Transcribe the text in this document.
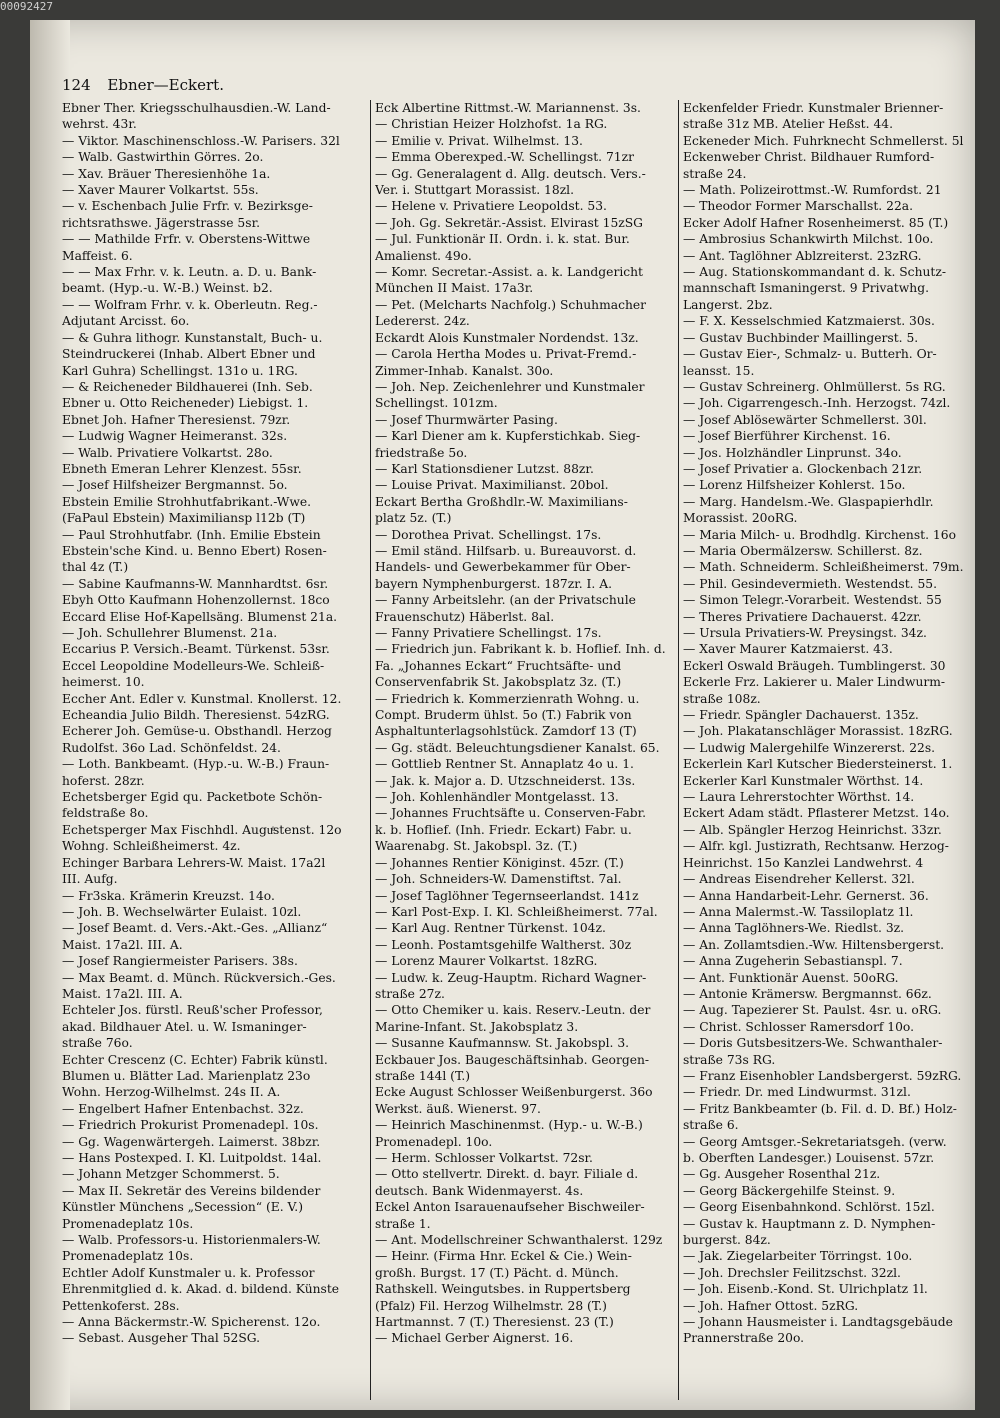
00092427
124 Ebner—Eckert.
Ebner Ther. Kriegsschulhausdien.-W. Land-
wehrst. 43r.
— Viktor. Maschinenschloss.-W. Parisers. 32l
— Walb. Gastwirthin Görres. 2o.
— Xav. Bräuer Theresienhöhe 1a.
— Xaver Maurer Volkartst. 55s.
— v. Eschenbach Julie Frfr. v. Bezirksge-
richtsrathswe. Jägerstrasse 5sr.
— — Mathilde Frfr. v. Oberstens-Wittwe
Maffeist. 6.
— — Max Frhr. v. k. Leutn. a. D. u. Bank-
beamt. (Hyp.-u. W.-B.) Weinst. b2.
— — Wolfram Frhr. v. k. Oberleutn. Reg.-
Adjutant Arcisst. 6o.
— & Guhra lithogr. Kunstanstalt, Buch- u.
Steindruckerei (Inhab. Albert Ebner und
Karl Guhra) Schellingst. 131o u. 1RG.
— & Reicheneder Bildhauerei (Inh. Seb.
Ebner u. Otto Reicheneder) Liebigst. 1.
Ebnet Joh. Hafner Theresienst. 79zr.
— Ludwig Wagner Heimeranst. 32s.
— Walb. Privatiere Volkartst. 28o.
Ebneth Emeran Lehrer Klenzest. 55sr.
— Josef Hilfsheizer Bergmannst. 5o.
Ebstein Emilie Strohhutfabrikant.-Wwe.
(FaPaul Ebstein) Maximiliansp l12b (T)
— Paul Strohhutfabr. (Inh. Emilie Ebstein
Ebstein'sche Kind. u. Benno Ebert) Rosen-
thal 4z (T.)
— Sabine Kaufmanns-W. Mannhardtst. 6sr.
Ebyh Otto Kaufmann Hohenzollernst. 18co
Eccard Elise Hof-Kapellsäng. Blumenst 21a.
— Joh. Schullehrer Blumenst. 21a.
Eccarius P. Versich.-Beamt. Türkenst. 53sr.
Eccel Leopoldine Modelleurs-We. Schleiß-
heimerst. 10.
Eccher Ant. Edler v. Kunstmal. Knollerst. 12.
Echeandia Julio Bildh. Theresienst. 54zRG.
Echerer Joh. Gemüse-u. Obsthandl. Herzog
Rudolfst. 36o Lad. Schönfeldst. 24.
— Loth. Bankbeamt. (Hyp.-u. W.-B.) Fraun-
hoferst. 28zr.
Echetsberger Egid qu. Packetbote Schön-
feldstraße 8o.
Echetsperger Max Fischhdl. Auguͤstenst. 12o
Wohng. Schleißheimerst. 4z.
Echinger Barbara Lehrers-W. Maist. 17a2l
III. Aufg.
— Fr3ska. Krämerin Kreuzst. 14o.
— Joh. B. Wechselwärter Eulaist. 10zl.
— Josef Beamt. d. Vers.-Akt.-Ges. „Allianz“
Maist. 17a2l. III. A.
— Josef Rangiermeister Parisers. 38s.
— Max Beamt. d. Münch. Rückversich.-Ges.
Maist. 17a2l. III. A.
Echteler Jos. fürstl. Reuß'scher Professor,
akad. Bildhauer Atel. u. W. Ismaninger-
straße 76o.
Echter Crescenz (C. Echter) Fabrik künstl.
Blumen u. Blätter Lad. Marienplatz 23o
Wohn. Herzog-Wilhelmst. 24s II. A.
— Engelbert Hafner Entenbachst. 32z.
— Friedrich Prokurist Promenadepl. 10s.
— Gg. Wagenwärtergeh. Laimerst. 38bzr.
— Hans Postexped. I. Kl. Luitpoldst. 14al.
— Johann Metzger Schommerst. 5.
— Max II. Sekretär des Vereins bildender
Künstler Münchens „Secession“ (E. V.)
Promenadeplatz 10s.
— Walb. Professors-u. Historienmalers-W.
Promenadeplatz 10s.
Echtler Adolf Kunstmaler u. k. Professor
Ehrenmitglied d. k. Akad. d. bildend. Künste
Pettenkoferst. 28s.
— Anna Bäckermstr.-W. Spicherenst. 12o.
— Sebast. Ausgeher Thal 52SG.
Eck Albertine Rittmst.-W. Mariannenst. 3s.
— Christian Heizer Holzhofst. 1a RG.
— Emilie v. Privat. Wilhelmst. 13.
— Emma Oberexped.-W. Schellingst. 71zr
— Gg. Generalagent d. Allg. deutsch. Vers.-
Ver. i. Stuttgart Morassist. 18zl.
— Helene v. Privatiere Leopoldst. 53.
— Joh. Gg. Sekretär.-Assist. Elvirast 15zSG
— Jul. Funktionär II. Ordn. i. k. stat. Bur.
Amalienst. 49o.
— Komr. Secretar.-Assist. a. k. Landgericht
München II Maist. 17a3r.
— Pet. (Melcharts Nachfolg.) Schuhmacher
Ledererst. 24z.
Eckardt Alois Kunstmaler Nordendst. 13z.
— Carola Hertha Modes u. Privat-Fremd.-
Zimmer-Inhab. Kanalst. 30o.
— Joh. Nep. Zeichenlehrer und Kunstmaler
Schellingst. 101zm.
— Josef Thurmwärter Pasing.
— Karl Diener am k. Kupferstichkab. Sieg-
friedstraße 5o.
— Karl Stationsdiener Lutzst. 88zr.
— Louise Privat. Maximilianst. 20bol.
Eckart Bertha Großhdlr.-W. Maximilians-
platz 5z. (T.)
— Dorothea Privat. Schellingst. 17s.
— Emil ständ. Hilfsarb. u. Bureauvorst. d.
Handels- und Gewerbekammer für Ober-
bayern Nymphenburgerst. 187zr. I. A.
— Fanny Arbeitslehr. (an der Privatschule
Frauenschutz) Häberlst. 8al.
— Fanny Privatiere Schellingst. 17s.
— Friedrich jun. Fabrikant k. b. Hoflief. Inh. d.
Fa. „Johannes Eckart“ Fruchtsäfte- und
Conservenfabrik St. Jakobsplatz 3z. (T.)
— Friedrich k. Kommerzienrath Wohng. u.
Compt. Bruderm ühlst. 5o (T.) Fabrik von
Asphaltunterlagsohlstück. Zamdorf 13 (T)
— Gg. städt. Beleuchtungsdiener Kanalst. 65.
— Gottlieb Rentner St. Annaplatz 4o u. 1.
— Jak. k. Major a. D. Utzschneiderst. 13s.
— Joh. Kohlenhändler Montgelasst. 13.
— Johannes Fruchtsäfte u. Conserven-Fabr.
k. b. Hoflief. (Inh. Friedr. Eckart) Fabr. u.
Waarenabg. St. Jakobspl. 3z. (T.)
— Johannes Rentier Königinst. 45zr. (T.)
— Joh. Schneiders-W. Damenstiftst. 7al.
— Josef Taglöhner Tegernseerlandst. 141z
— Karl Post-Exp. I. Kl. Schleißheimerst. 77al.
— Karl Aug. Rentner Türkenst. 104z.
— Leonh. Postamtsgehilfe Waltherst. 30z
— Lorenz Maurer Volkartst. 18zRG.
— Ludw. k. Zeug-Hauptm. Richard Wagner-
straße 27z.
— Otto Chemiker u. kais. Reserv.-Leutn. der
Marine-Infant. St. Jakobsplatz 3.
— Susanne Kaufmannsw. St. Jakobspl. 3.
Eckbauer Jos. Baugeschäftsinhab. Georgen-
straße 144l (T.)
Ecke August Schlosser Weißenburgerst. 36o
Werkst. äuß. Wienerst. 97.
— Heinrich Maschinenmst. (Hyp.- u. W.-B.)
Promenadepl. 10o.
— Herm. Schlosser Volkartst. 72sr.
— Otto stellvertr. Direkt. d. bayr. Filiale d.
deutsch. Bank Widenmayerst. 4s.
Eckel Anton Isarauenaufseher Bischweiler-
straße 1.
— Ant. Modellschreiner Schwanthalerst. 129z
— Heinr. (Firma Hnr. Eckel & Cie.) Wein-
großh. Burgst. 17 (T.) Pächt. d. Münch.
Rathskell. Weingutsbes. in Ruppertsberg
(Pfalz) Fil. Herzog Wilhelmstr. 28 (T.)
Hartmannst. 7 (T.) Theresienst. 23 (T.)
— Michael Gerber Aignerst. 16.
Eckenfelder Friedr. Kunstmaler Brienner-
straße 31z MB. Atelier Heßst. 44.
Eckeneder Mich. Fuhrknecht Schmellerst. 5l
Eckenweber Christ. Bildhauer Rumford-
straße 24.
— Math. Polizeirottmst.-W. Rumfordst. 21
— Theodor Former Marschallst. 22a.
Ecker Adolf Hafner Rosenheimerst. 85 (T.)
— Ambrosius Schankwirth Milchst. 10o.
— Ant. Taglöhner Ablzreiterst. 23zRG.
— Aug. Stationskommandant d. k. Schutz-
mannschaft Ismaningerst. 9 Privatwhg.
Langerst. 2bz.
— F. X. Kesselschmied Katzmaierst. 30s.
— Gustav Buchbinder Maillingerst. 5.
— Gustav Eier-, Schmalz- u. Butterh. Or-
leansst. 15.
— Gustav Schreinerg. Ohlmüllerst. 5s RG.
— Joh. Cigarrengesch.-Inh. Herzogst. 74zl.
— Josef Ablösewärter Schmellerst. 30l.
— Josef Bierführer Kirchenst. 16.
— Jos. Holzhändler Linprunst. 34o.
— Josef Privatier a. Glockenbach 21zr.
— Lorenz Hilfsheizer Kohlerst. 15o.
— Marg. Handelsm.-We. Glaspapierhdlr.
Morassist. 20oRG.
— Maria Milch- u. Brodhdlg. Kirchenst. 16o
— Maria Obermälzersw. Schillerst. 8z.
— Math. Schneiderm. Schleißheimerst. 79m.
— Phil. Gesindevermieth. Westendst. 55.
— Simon Telegr.-Vorarbeit. Westendst. 55
— Theres Privatiere Dachauerst. 42zr.
— Ursula Privatiers-W. Preysingst. 34z.
— Xaver Maurer Katzmaierst. 43.
Eckerl Oswald Bräugeh. Tumblingerst. 30
Eckerle Frz. Lakierer u. Maler Lindwurm-
straße 108z.
— Friedr. Spängler Dachauerst. 135z.
— Joh. Plakatanschläger Morassist. 18zRG.
— Ludwig Malergehilfe Winzererst. 22s.
Eckerlein Karl Kutscher Biedersteinerst. 1.
Eckerler Karl Kunstmaler Wörthst. 14.
— Laura Lehrerstochter Wörthst. 14.
Eckert Adam städt. Pflasterer Metzst. 14o.
— Alb. Spängler Herzog Heinrichst. 33zr.
— Alfr. kgl. Justizrath, Rechtsanw. Herzog-
Heinrichst. 15o Kanzlei Landwehrst. 4
— Andreas Eisendreher Kellerst. 32l.
— Anna Handarbeit-Lehr. Gernerst. 36.
— Anna Malermst.-W. Tassiloplatz 1l.
— Anna Taglöhners-We. Riedlst. 3z.
— An. Zollamtsdien.-Ww. Hiltensbergerst.
— Anna Zugeherin Sebastianspl. 7.
— Ant. Funktionär Auenst. 50oRG.
— Antonie Krämersw. Bergmannst. 66z.
— Aug. Tapezierer St. Paulst. 4sr. u. oRG.
— Christ. Schlosser Ramersdorf 10o.
— Doris Gutsbesitzers-We. Schwanthaler-
straße 73s RG.
— Franz Eisenhobler Landsbergerst. 59zRG.
— Friedr. Dr. med Lindwurmst. 31zl.
— Fritz Bankbeamter (b. Fil. d. D. Bf.) Holz-
straße 6.
— Georg Amtsger.-Sekretariatsgeh. (verw.
b. Oberften Landesger.) Louisenst. 57zr.
— Gg. Ausgeher Rosenthal 21z.
— Georg Bäckergehilfe Steinst. 9.
— Georg Eisenbahnkond. Schlörst. 15zl.
— Gustav k. Hauptmann z. D. Nymphen-
burgerst. 84z.
— Jak. Ziegelarbeiter Törringst. 10o.
— Joh. Drechsler Feilitzschst. 32zl.
— Joh. Eisenb.-Kond. St. Ulrichplatz 1l.
— Joh. Hafner Ottost. 5zRG.
— Johann Hausmeister i. Landtagsgebäude
Prannerstraße 20o.
